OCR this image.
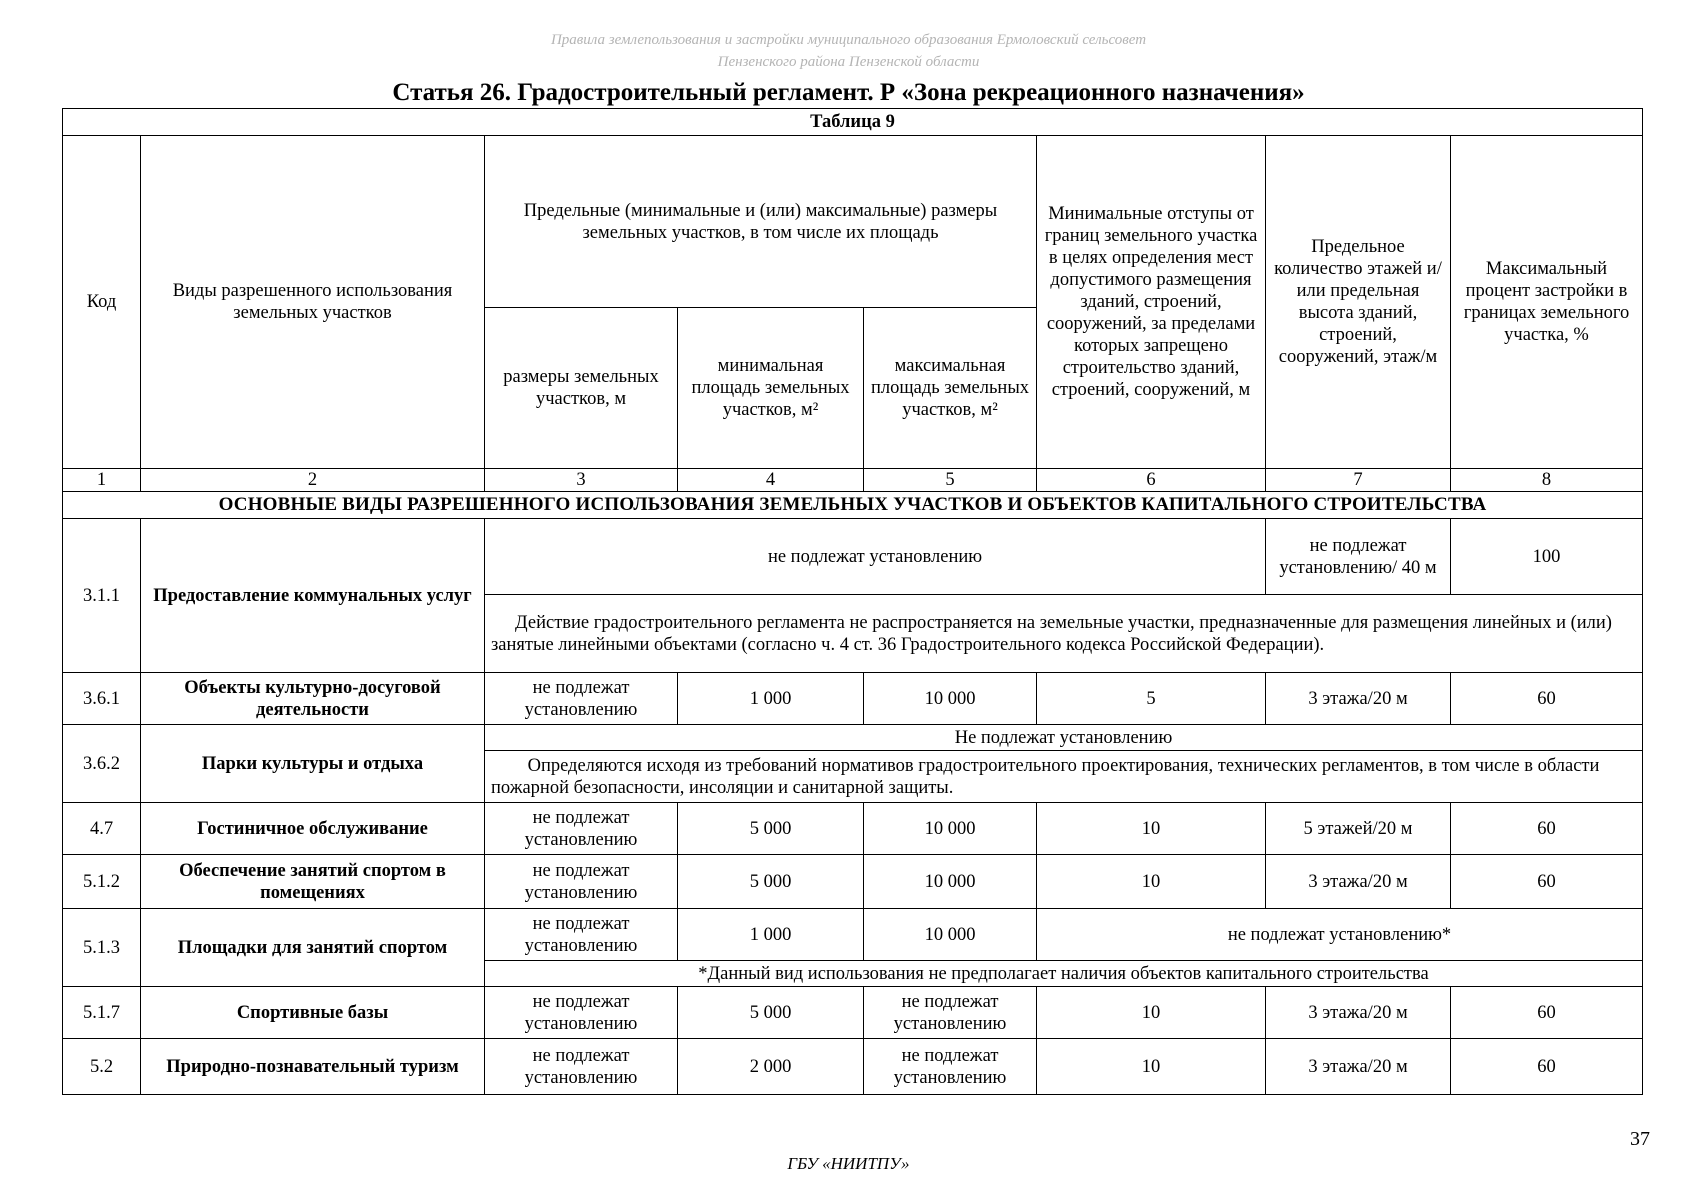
Правила землепользования и застройки муниципального образования Ермоловский сельсовет
Пензенского района Пензенской области
Статья 26. Градостроительный регламент. Р «Зона рекреационного назначения»
Таблица 9							
Код	Виды разрешенного использования земельных участков	Предельные (минимальные и (или) максимальные) размеры земельных участков, в том числе их площадь			Минимальные отступы от границ земельного участка в целях определения мест допустимого размещения зданий, строений, сооружений, за пределами которых запрещено строительство зданий, строений, сооружений, м	Предельное количество этажей и/или предельная высота зданий, строений, сооружений, этаж/м	Максимальный процент застройки в границах земельного участка, %
		размеры земельных участков, м	минимальная площадь земельных участков, м²	максимальная площадь земельных участков, м²			
1	2	3	4	5	6	7	8
ОСНОВНЫЕ ВИДЫ РАЗРЕШЕННОГО ИСПОЛЬЗОВАНИЯ ЗЕМЕЛЬНЫХ УЧАСТКОВ И ОБЪЕКТОВ КАПИТАЛЬНОГО СТРОИТЕЛЬСТВА							
3.1.1	Предоставление коммунальных услуг	не подлежат установлению				не подлежат установлению/ 40 м	100
		Действие градостроительного регламента не распространяется на земельные участки, предназначенные для размещения линейных и (или) занятые линейными объектами (согласно ч. 4 ст. 36 Градостроительного кодекса Российской Федерации).					
3.6.1	Объекты культурно-досуговой деятельности	не подлежат установлению	1 000	10 000	5	3 этажа/20 м	60
3.6.2	Парки культуры и отдыха	Не подлежат установлению					
		Определяются исходя из требований нормативов градостроительного проектирования, технических регламентов, в том числе в области пожарной безопасности, инсоляции и санитарной защиты.					
4.7	Гостиничное обслуживание	не подлежат установлению	5 000	10 000	10	5 этажей/20 м	60
5.1.2	Обеспечение занятий спортом в помещениях	не подлежат установлению	5 000	10 000	10	3 этажа/20 м	60
5.1.3	Площадки для занятий спортом	не подлежат установлению	1 000	10 000	не подлежат установлению*		
		*Данный вид использования не предполагает наличия объектов капитального строительства					
5.1.7	Спортивные базы	не подлежат установлению	5 000	не подлежат установлению	10	3 этажа/20 м	60
5.2	Природно-познавательный туризм	не подлежат установлению	2 000	не подлежат установлению	10	3 этажа/20 м	60
37
ГБУ «НИИТПУ»
